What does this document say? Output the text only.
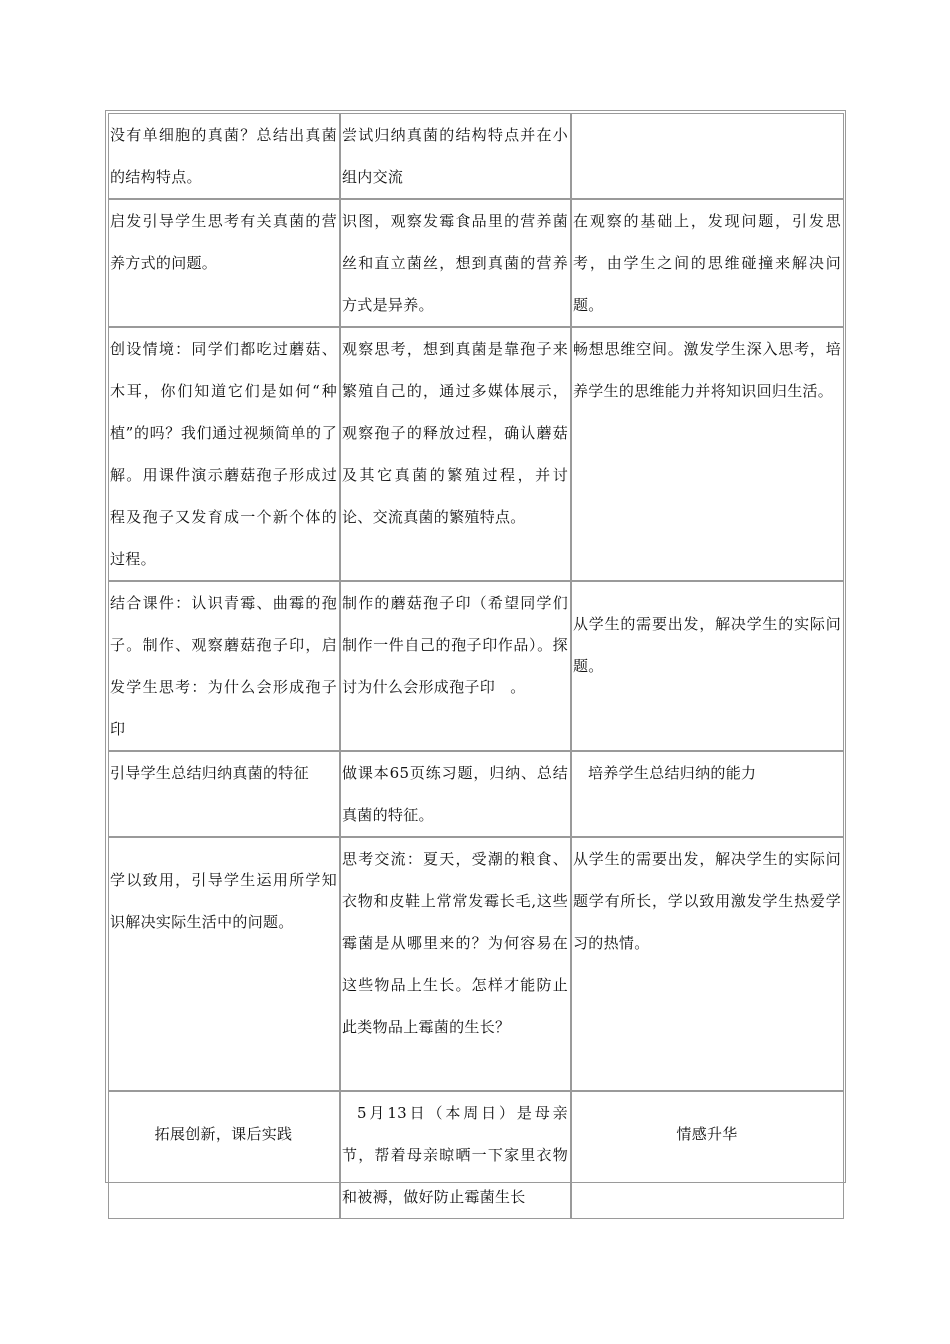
没有单细胞的真菌？总结出真菌的结构特点。	尝试归纳真菌的结构特点并在小组内交流	
启发引导学生思考有关真菌的营养方式的问题。	识图，观察发霉食品里的营养菌丝和直立菌丝，想到真菌的营养方式是异养。	在观察的基础上，发现问题，引发思考，由学生之间的思维碰撞来解决问题。
创设情境：同学们都吃过蘑菇、木耳，你们知道它们是如何“种植”的吗？我们通过视频简单的了解。用课件演示蘑菇孢子形成过程及孢子又发育成一个新个体的过程。	观察思考，想到真菌是靠孢子来繁殖自己的，通过多媒体展示，观察孢子的释放过程，确认蘑菇及其它真菌的繁殖过程，并讨论、交流真菌的繁殖特点。	畅想思维空间。激发学生深入思考，培养学生的思维能力并将知识回归生活。
结合课件：认识青霉、曲霉的孢子。制作、观察蘑菇孢子印，启发学生思考：为什么会形成孢子印	制作的蘑菇孢子印（希望同学们制作一件自己的孢子印作品）。探讨为什么会形成孢子印　。	从学生的需要出发，解决学生的实际问题。
引导学生总结归纳真菌的特征	做课本65页练习题，归纳、总结真菌的特征。	培养学生总结归纳的能力
学以致用，引导学生运用所学知识解决实际生活中的问题。	思考交流：夏天，受潮的粮食、衣物和皮鞋上常常发霉长毛,这些霉菌是从哪里来的？为何容易在这些物品上生长。怎样才能防止此类物品上霉菌的生长？	从学生的需要出发，解决学生的实际问题学有所长，学以致用激发学生热爱学习的热情。
拓展创新，课后实践	5月13日（本周日）是母亲节，帮着母亲晾晒一下家里衣物和被褥，做好防止霉菌生长	情感升华
